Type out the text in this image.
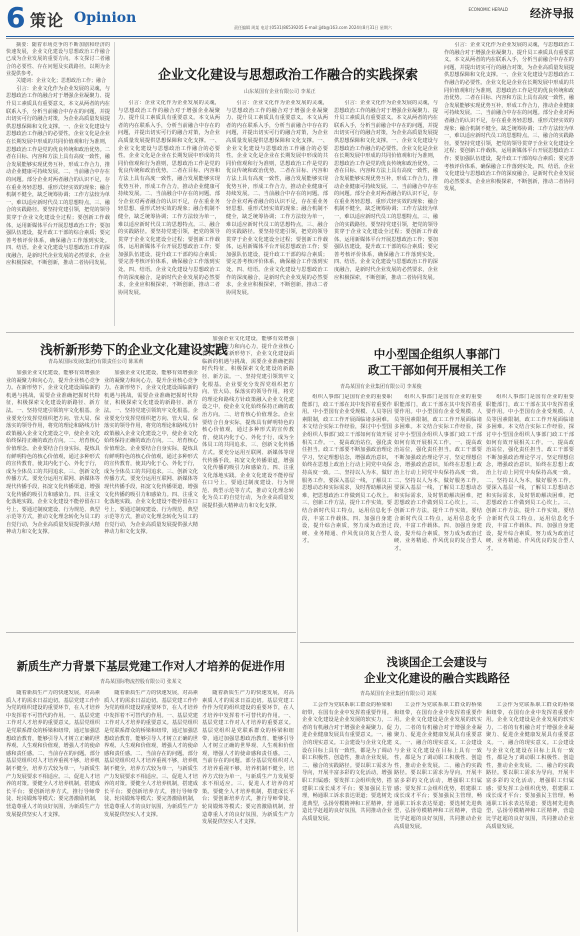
6 策论 Opinion
ECONOMIC HERALD 经济导报
责任编辑 周某 电话:(0531)86539205 E-mail:jjdb@163.com 2024年8月31日 星期六

摘要：随着市场竞争的不断加剧和经济的快速发展，企业文化建设与思想政治工作融合已成为企业发展的重要方向。本文探讨二者融合的必要性、存在问题及实践路径，以期为企业提供参考。

关键词：企业文化；思想政治工作；融合

引言：企业文化作为企业发展的灵魂，与思想政治工作的融合对于增强企业凝聚力、提升员工素质具有重要意义。本文从两者的内在联系入手，分析当前融合中存在的问题，并提出切实可行的融合对策，为企业高质量发展提供思想保障和文化支撑。一、企业文化建设与思想政治工作融合的必要性。企业文化是企业在长期发展中形成的共同价值观和行为准则，思想政治工作是党的优良传统和政治优势。二者在目标、内容和方法上具有高度一致性，融合发展能够实现优势互补，形成工作合力，推动企业健康可持续发展。二、当前融合中存在的问题。部分企业对两者融合的认识不足，存在重业务轻思想、重形式轻实效的现象；融合机制不健全，缺乏统筹协调；工作方法较为单一，难以适应新时代员工的思想特点。三、融合的实践路径。要坚持党建引领，把党的领导贯穿于企业文化建设全过程；要创新工作载体，运用新媒体平台开展思想政治工作；要加强队伍建设，提升政工干部的综合素质；要完善考核评价体系，确保融合工作落到实处。四、结语。企业文化建设与思想政治工作的深度融合，是新时代企业发展的必然要求，企业应积极探索，不断创新，推动二者协同发展。

企业文化建设与思想政治工作融合的实践探索
山东某国有企业有限公司 李某正

引言：企业文化作为企业发展的灵魂，与思想政治工作的融合对于增强企业凝聚力、提升员工素质具有重要意义。本文从两者的内在联系入手，分析当前融合中存在的问题，并提出切实可行的融合对策，为企业高质量发展提供思想保障和文化支撑。一、企业文化建设与思想政治工作融合的必要性。企业文化是企业在长期发展中形成的共同价值观和行为准则，思想政治工作是党的优良传统和政治优势。二者在目标、内容和方法上具有高度一致性，融合发展能够实现优势互补，形成工作合力，推动企业健康可持续发展。二、当前融合中存在的问题。部分企业对两者融合的认识不足，存在重业务轻思想、重形式轻实效的现象；融合机制不健全，缺乏统筹协调；工作方法较为单一，难以适应新时代员工的思想特点。三、融合的实践路径。要坚持党建引领，把党的领导贯穿于企业文化建设全过程；要创新工作载体，运用新媒体平台开展思想政治工作；要加强队伍建设，提升政工干部的综合素质；要完善考核评价体系，确保融合工作落到实处。四、结语。企业文化建设与思想政治工作的深度融合，是新时代企业发展的必然要求，企业应积极探索，不断创新，推动二者协同发展。

引言：企业文化作为企业发展的灵魂，与思想政治工作的融合对于增强企业凝聚力、提升员工素质具有重要意义。本文从两者的内在联系入手，分析当前融合中存在的问题，并提出切实可行的融合对策，为企业高质量发展提供思想保障和文化支撑。一、企业文化建设与思想政治工作融合的必要性。企业文化是企业在长期发展中形成的共同价值观和行为准则，思想政治工作是党的优良传统和政治优势。二者在目标、内容和方法上具有高度一致性，融合发展能够实现优势互补，形成工作合力，推动企业健康可持续发展。二、当前融合中存在的问题。部分企业对两者融合的认识不足，存在重业务轻思想、重形式轻实效的现象；融合机制不健全，缺乏统筹协调；工作方法较为单一，难以适应新时代员工的思想特点。三、融合的实践路径。要坚持党建引领，把党的领导贯穿于企业文化建设全过程；要创新工作载体，运用新媒体平台开展思想政治工作；要加强队伍建设，提升政工干部的综合素质；要完善考核评价体系，确保融合工作落到实处。四、结语。企业文化建设与思想政治工作的深度融合，是新时代企业发展的必然要求，企业应积极探索，不断创新，推动二者协同发展。

引言：企业文化作为企业发展的灵魂，与思想政治工作的融合对于增强企业凝聚力、提升员工素质具有重要意义。本文从两者的内在联系入手，分析当前融合中存在的问题，并提出切实可行的融合对策，为企业高质量发展提供思想保障和文化支撑。一、企业文化建设与思想政治工作融合的必要性。企业文化是企业在长期发展中形成的共同价值观和行为准则，思想政治工作是党的优良传统和政治优势。二者在目标、内容和方法上具有高度一致性，融合发展能够实现优势互补，形成工作合力，推动企业健康可持续发展。二、当前融合中存在的问题。部分企业对两者融合的认识不足，存在重业务轻思想、重形式轻实效的现象；融合机制不健全，缺乏统筹协调；工作方法较为单一，难以适应新时代员工的思想特点。三、融合的实践路径。要坚持党建引领，把党的领导贯穿于企业文化建设全过程；要创新工作载体，运用新媒体平台开展思想政治工作；要加强队伍建设，提升政工干部的综合素质；要完善考核评价体系，确保融合工作落到实处。四、结语。企业文化建设与思想政治工作的深度融合，是新时代企业发展的必然要求，企业应积极探索，不断创新，推动二者协同发展。

引言：企业文化作为企业发展的灵魂，与思想政治工作的融合对于增强企业凝聚力、提升员工素质具有重要意义。本文从两者的内在联系入手，分析当前融合中存在的问题，并提出切实可行的融合对策，为企业高质量发展提供思想保障和文化支撑。一、企业文化建设与思想政治工作融合的必要性。企业文化是企业在长期发展中形成的共同价值观和行为准则，思想政治工作是党的优良传统和政治优势。二者在目标、内容和方法上具有高度一致性，融合发展能够实现优势互补，形成工作合力，推动企业健康可持续发展。二、当前融合中存在的问题。部分企业对两者融合的认识不足，存在重业务轻思想、重形式轻实效的现象；融合机制不健全，缺乏统筹协调；工作方法较为单一，难以适应新时代员工的思想特点。三、融合的实践路径。要坚持党建引领，把党的领导贯穿于企业文化建设全过程；要创新工作载体，运用新媒体平台开展思想政治工作；要加强队伍建设，提升政工干部的综合素质；要完善考核评价体系，确保融合工作落到实处。四、结语。企业文化建设与思想政治工作的深度融合，是新时代企业发展的必然要求，企业应积极探索，不断创新，推动二者协同发展。

浅析新形势下的企业文化建设实践
青岛某国际发展(集团)有限责任公司 陈某莉

加强企业文化建设，能够有效增强企业的凝聚力和向心力，提升企业核心竞争力。在新形势下，企业文化建设面临新的机遇与挑战，需要企业准确把握时代特征，积极探索文化建设的新路径、新方法。一、坚持党建引领筑牢文化根基。企业要充分发挥党组织把方向、管大局、保落实的领导作用，将党的理论和路线方针政策融入企业文化建设之中，使企业文化始终保持正确的政治方向。二、培育核心价值理念。企业要结合自身实际，提炼具有鲜明特色的核心价值观，通过多种形式的宣传教育，使其内化于心、外化于行，成为全体员工的共同追求。三、创新文化传播方式。要充分运用互联网、新媒体等现代传播手段，拓宽文化传播渠道，增强文化传播的吸引力和感染力。四、注重文化落地实践。企业文化建设不能停留在口号上，要通过制度建设、行为规范、典型示范等方式，推动文化理念转化为员工的自觉行动，为企业高质量发展提供强大精神动力和文化支撑。

加强企业文化建设，能够有效增强企业的凝聚力和向心力，提升企业核心竞争力。在新形势下，企业文化建设面临新的机遇与挑战，需要企业准确把握时代特征，积极探索文化建设的新路径、新方法。一、坚持党建引领筑牢文化根基。企业要充分发挥党组织把方向、管大局、保落实的领导作用，将党的理论和路线方针政策融入企业文化建设之中，使企业文化始终保持正确的政治方向。二、培育核心价值理念。企业要结合自身实际，提炼具有鲜明特色的核心价值观，通过多种形式的宣传教育，使其内化于心、外化于行，成为全体员工的共同追求。三、创新文化传播方式。要充分运用互联网、新媒体等现代传播手段，拓宽文化传播渠道，增强文化传播的吸引力和感染力。四、注重文化落地实践。企业文化建设不能停留在口号上，要通过制度建设、行为规范、典型示范等方式，推动文化理念转化为员工的自觉行动，为企业高质量发展提供强大精神动力和文化支撑。

加强企业文化建设，能够有效增强企业的凝聚力和向心力，提升企业核心竞争力。在新形势下，企业文化建设面临新的机遇与挑战，需要企业准确把握时代特征，积极探索文化建设的新路径、新方法。一、坚持党建引领筑牢文化根基。企业要充分发挥党组织把方向、管大局、保落实的领导作用，将党的理论和路线方针政策融入企业文化建设之中，使企业文化始终保持正确的政治方向。二、培育核心价值理念。企业要结合自身实际，提炼具有鲜明特色的核心价值观，通过多种形式的宣传教育，使其内化于心、外化于行，成为全体员工的共同追求。三、创新文化传播方式。要充分运用互联网、新媒体等现代传播手段，拓宽文化传播渠道，增强文化传播的吸引力和感染力。四、注重文化落地实践。企业文化建设不能停留在口号上，要通过制度建设、行为规范、典型示范等方式，推动文化理念转化为员工的自觉行动，为企业高质量发展提供强大精神动力和文化支撑。

中小型国企组织人事部门
政工干部如何开展相关工作
青岛某国有企业集团有限公司 李某俊

组织人事部门是国有企业的重要职能部门，政工干部在其中发挥着重要作用。中小型国有企业受规模、人员等因素限制，政工工作开展面临诸多困难。本文结合实际工作经验，探讨中小型国企组织人事部门政工干部如何有效开展相关工作。一、提高政治站位，强化责任担当。政工干部要不断加强政治理论学习，坚定理想信念，增强政治意识，始终在思想上政治上行动上同党中央保持高度一致。二、坚持以人为本，做好服务工作。要深入基层一线，了解员工思想动态和实际需求，及时帮助解决困难，把思想政治工作做到员工心坎上。三、创新工作方法，提升工作实效。要结合新时代员工特点，运用信息化手段，丰富工作载体。四、加强自身建设，提升综合素质，努力成为政治过硬、业务精通、作风优良的复合型人才。

组织人事部门是国有企业的重要职能部门，政工干部在其中发挥着重要作用。中小型国有企业受规模、人员等因素限制，政工工作开展面临诸多困难。本文结合实际工作经验，探讨中小型国企组织人事部门政工干部如何有效开展相关工作。一、提高政治站位，强化责任担当。政工干部要不断加强政治理论学习，坚定理想信念，增强政治意识，始终在思想上政治上行动上同党中央保持高度一致。二、坚持以人为本，做好服务工作。要深入基层一线，了解员工思想动态和实际需求，及时帮助解决困难，把思想政治工作做到员工心坎上。三、创新工作方法，提升工作实效。要结合新时代员工特点，运用信息化手段，丰富工作载体。四、加强自身建设，提升综合素质，努力成为政治过硬、业务精通、作风优良的复合型人才。

组织人事部门是国有企业的重要职能部门，政工干部在其中发挥着重要作用。中小型国有企业受规模、人员等因素限制，政工工作开展面临诸多困难。本文结合实际工作经验，探讨中小型国企组织人事部门政工干部如何有效开展相关工作。一、提高政治站位，强化责任担当。政工干部要不断加强政治理论学习，坚定理想信念，增强政治意识，始终在思想上政治上行动上同党中央保持高度一致。二、坚持以人为本，做好服务工作。要深入基层一线，了解员工思想动态和实际需求，及时帮助解决困难，把思想政治工作做到员工心坎上。三、创新工作方法，提升工作实效。要结合新时代员工特点，运用信息化手段，丰富工作载体。四、加强自身建设，提升综合素质，努力成为政治过硬、业务精通、作风优良的复合型人才。

新质生产力背景下基层党建工作对人才培养的促进作用
青岛某国际物流控股有限公司 张某文

随着新质生产力的快速发展，对高素质人才的需求日益迫切。基层党建工作作为党的组织建设的重要环节，在人才培养中发挥着不可替代的作用。一、基层党建工作对人才培养的重要意义。基层党组织是党联系群众的桥梁和纽带，通过加强思想政治教育，能够引导人才树立正确的世界观、人生观和价值观，增强人才的使命感和责任感。二、当前存在的问题。部分基层党组织对人才培养重视不够，培养机制不健全，培养方式较为单一，与新质生产力发展要求不相适应。三、促进人才培养的对策。要健全人才培养机制，搭建成长平台；要创新培养方式，推行导师带徒、轮岗锻炼等模式；要完善激励机制，营造尊重人才的良好氛围，为新质生产力发展提供坚实人才支撑。

随着新质生产力的快速发展，对高素质人才的需求日益迫切。基层党建工作作为党的组织建设的重要环节，在人才培养中发挥着不可替代的作用。一、基层党建工作对人才培养的重要意义。基层党组织是党联系群众的桥梁和纽带，通过加强思想政治教育，能够引导人才树立正确的世界观、人生观和价值观，增强人才的使命感和责任感。二、当前存在的问题。部分基层党组织对人才培养重视不够，培养机制不健全，培养方式较为单一，与新质生产力发展要求不相适应。三、促进人才培养的对策。要健全人才培养机制，搭建成长平台；要创新培养方式，推行导师带徒、轮岗锻炼等模式；要完善激励机制，营造尊重人才的良好氛围，为新质生产力发展提供坚实人才支撑。

随着新质生产力的快速发展，对高素质人才的需求日益迫切。基层党建工作作为党的组织建设的重要环节，在人才培养中发挥着不可替代的作用。一、基层党建工作对人才培养的重要意义。基层党组织是党联系群众的桥梁和纽带，通过加强思想政治教育，能够引导人才树立正确的世界观、人生观和价值观，增强人才的使命感和责任感。二、当前存在的问题。部分基层党组织对人才培养重视不够，培养机制不健全，培养方式较为单一，与新质生产力发展要求不相适应。三、促进人才培养的对策。要健全人才培养机制，搭建成长平台；要创新培养方式，推行导师带徒、轮岗锻炼等模式；要完善激励机制，营造尊重人才的良好氛围，为新质生产力发展提供坚实人才支撑。

浅谈国企工会建设与
企业文化建设的融合实践路径
青岛某国有企业集团有限公司 刘某

工会作为党联系职工群众的桥梁和纽带，在国有企业中发挥着重要作用。企业文化建设是企业发展的软实力，二者的有机融合对于增强企业凝聚力、促进企业健康发展具有重要意义。一、融合的现实意义。工会建设与企业文化建设在目标上具有一致性，都是为了调动职工积极性、创造性，推动企业发展。二、融合的实践路径。要以职工需求为导向，开展丰富多彩的文化活动，增强职工归属感；要发挥工会组织优势，搭建职工成长成才平台；要加强民主管理，畅通职工诉求表达渠道；要选树先进典型，弘扬劳模精神和工匠精神，营造比学赶超的良好氛围，共同推动企业高质量发展。

工会作为党联系职工群众的桥梁和纽带，在国有企业中发挥着重要作用。企业文化建设是企业发展的软实力，二者的有机融合对于增强企业凝聚力、促进企业健康发展具有重要意义。一、融合的现实意义。工会建设与企业文化建设在目标上具有一致性，都是为了调动职工积极性、创造性，推动企业发展。二、融合的实践路径。要以职工需求为导向，开展丰富多彩的文化活动，增强职工归属感；要发挥工会组织优势，搭建职工成长成才平台；要加强民主管理，畅通职工诉求表达渠道；要选树先进典型，弘扬劳模精神和工匠精神，营造比学赶超的良好氛围，共同推动企业高质量发展。

工会作为党联系职工群众的桥梁和纽带，在国有企业中发挥着重要作用。企业文化建设是企业发展的软实力，二者的有机融合对于增强企业凝聚力、促进企业健康发展具有重要意义。一、融合的现实意义。工会建设与企业文化建设在目标上具有一致性，都是为了调动职工积极性、创造性，推动企业发展。二、融合的实践路径。要以职工需求为导向，开展丰富多彩的文化活动，增强职工归属感；要发挥工会组织优势，搭建职工成长成才平台；要加强民主管理，畅通职工诉求表达渠道；要选树先进典型，弘扬劳模精神和工匠精神，营造比学赶超的良好氛围，共同推动企业高质量发展。
